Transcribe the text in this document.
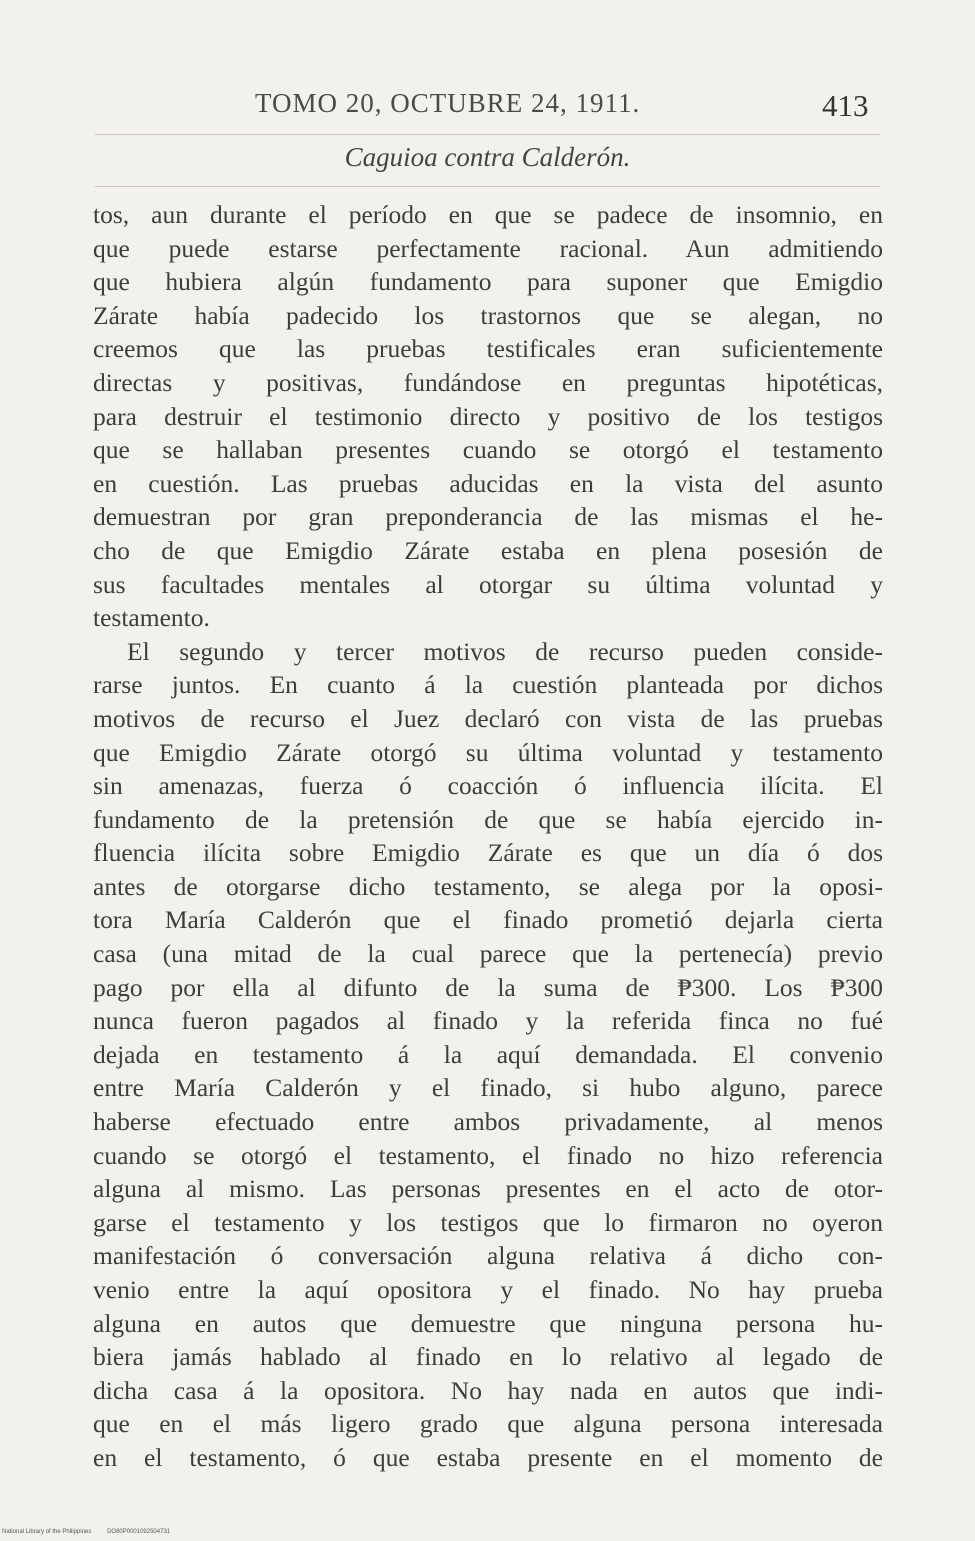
TOMO 20, OCTUBRE 24, 1911.	413
Caguioa contra Calderón.
tos, aun durante el período en que se padece de insomnio, en
que puede estarse perfectamente racional. Aun admitiendo
que hubiera algún fundamento para suponer que Emigdio
Zárate había padecido los trastornos que se alegan, no
creemos que las pruebas testificales eran suficientemente
directas y positivas, fundándose en preguntas hipotéticas,
para destruir el testimonio directo y positivo de los testigos
que se hallaban presentes cuando se otorgó el testamento
en cuestión. Las pruebas aducidas en la vista del asunto
demuestran por gran preponderancia de las mismas el he-
cho de que Emigdio Zárate estaba en plena posesión de
sus facultades mentales al otorgar su última voluntad y
testamento.
El segundo y tercer motivos de recurso pueden conside-
rarse juntos. En cuanto á la cuestión planteada por dichos
motivos de recurso el Juez declaró con vista de las pruebas
que Emigdio Zárate otorgó su última voluntad y testamento
sin amenazas, fuerza ó coacción ó influencia ilícita. El
fundamento de la pretensión de que se había ejercido in-
fluencia ilícita sobre Emigdio Zárate es que un día ó dos
antes de otorgarse dicho testamento, se alega por la oposi-
tora María Calderón que el finado prometió dejarla cierta
casa (una mitad de la cual parece que la pertenecía) previo
pago por ella al difunto de la suma de ₱300. Los ₱300
nunca fueron pagados al finado y la referida finca no fué
dejada en testamento á la aquí demandada. El convenio
entre María Calderón y el finado, si hubo alguno, parece
haberse efectuado entre ambos privadamente, al menos
cuando se otorgó el testamento, el finado no hizo referencia
alguna al mismo. Las personas presentes en el acto de otor-
garse el testamento y los testigos que lo firmaron no oyeron
manifestación ó conversación alguna relativa á dicho con-
venio entre la aquí opositora y el finado. No hay prueba
alguna en autos que demuestre que ninguna persona hu-
biera jamás hablado al finado en lo relativo al legado de
dicha casa á la opositora. No hay nada en autos que indi-
que en el más ligero grado que alguna persona interesada
en el testamento, ó que estaba presente en el momento de
National Library of the Philippines	DO80P0001092504731
